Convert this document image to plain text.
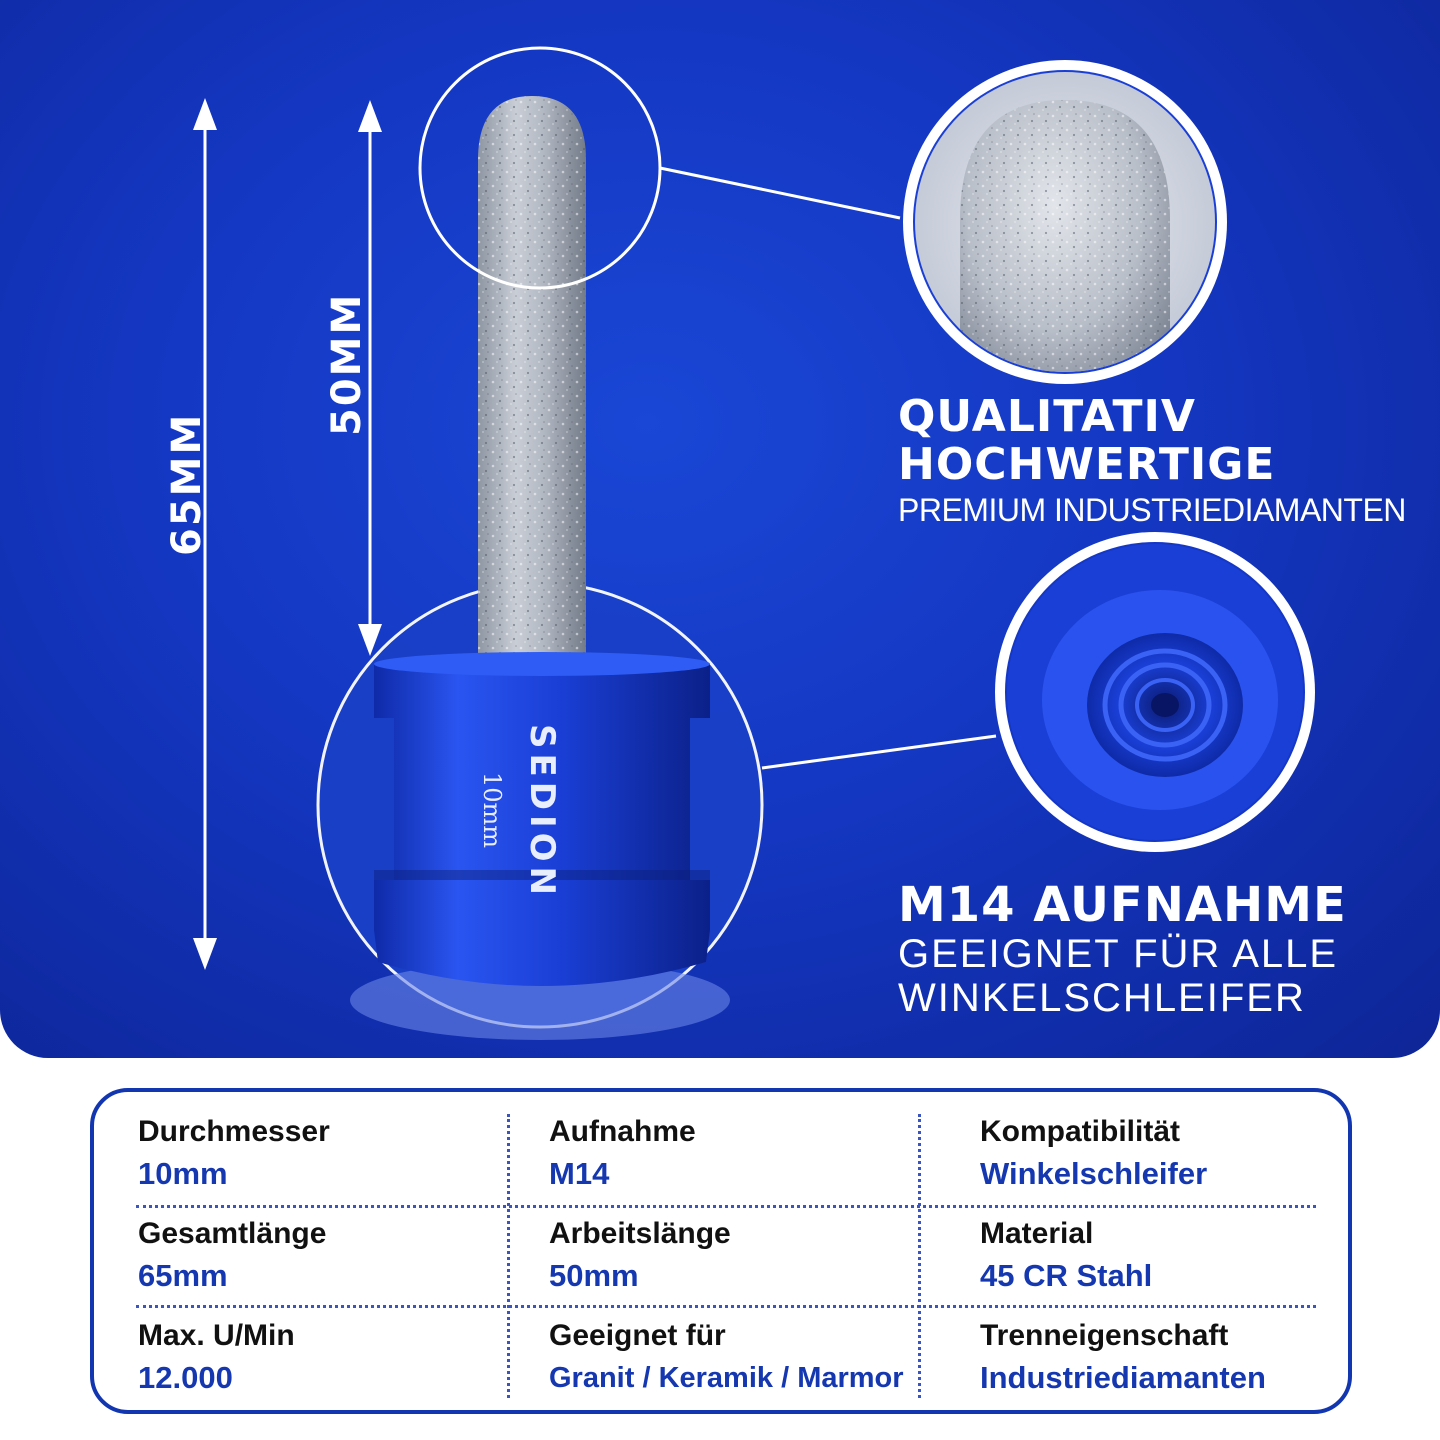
65MM
50MM
SEDION
10mm
QUALITATIV
HOCHWERTIGE
PREMIUM INDUSTRIEDIAMANTEN
M14 AUFNAHME
GEEIGNET FÜR ALLE
WINKELSCHLEIFER
Durchmesser
10mm
Aufnahme
M14
Kompatibilität
Winkelschleifer
Gesamtlänge
65mm
Arbeitslänge
50mm
Material
45 CR Stahl
Max. U/Min
12.000
Geeignet für
Granit / Keramik / Marmor
Trenneigenschaft
Industriediamanten
